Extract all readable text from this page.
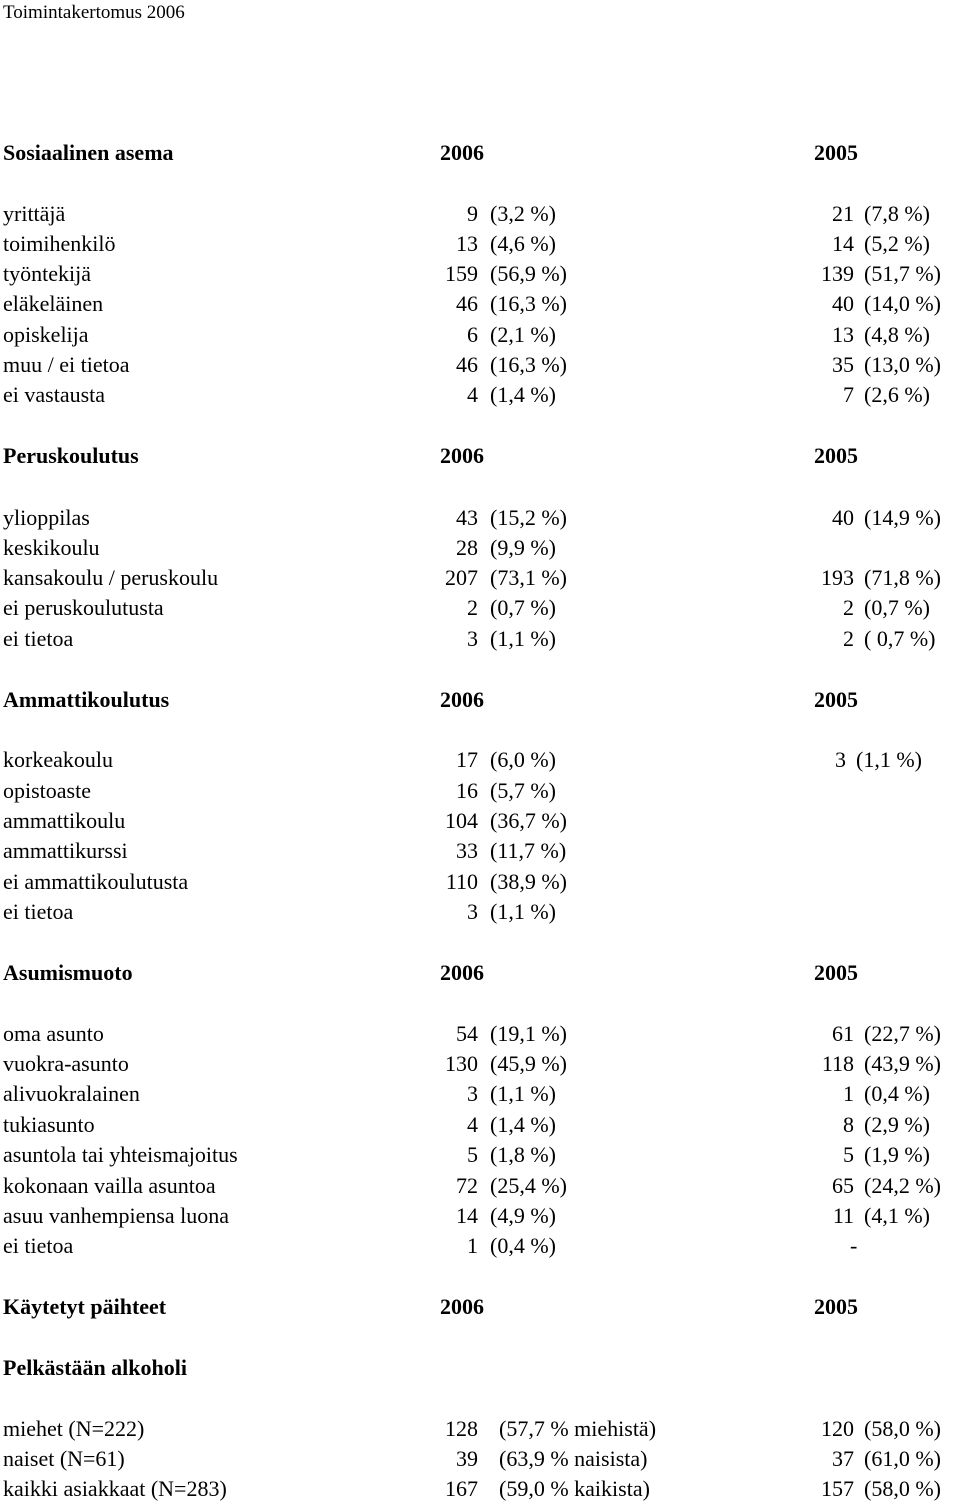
Toimintakertomus 2006
Sosiaalinen asema	2006	2005
yrittäjä	9 (3,2 %)	21 (7,8 %)
toimihenkilö	13 (4,6 %)	14 (5,2 %)
työntekijä	159 (56,9 %)	139 (51,7 %)
eläkeläinen	46 (16,3 %)	40 (14,0 %)
opiskelija	6 (2,1 %)	13 (4,8 %)
muu / ei tietoa	46 (16,3 %)	35 (13,0 %)
ei vastausta	4 (1,4 %)	7 (2,6 %)
Peruskoulutus	2006	2005
ylioppilas	43 (15,2 %)	40 (14,9 %)
keskikoulu	28 (9,9 %)
kansakoulu / peruskoulu	207 (73,1 %)	193 (71,8 %)
ei peruskoulutusta	2 (0,7 %)	2 (0,7 %)
ei tietoa	3 (1,1 %)	2 ( 0,7 %)
Ammattikoulutus	2006	2005
korkeakoulu	17 (6,0 %)	3 (1,1 %)
opistoaste	16 (5,7 %)
ammattikoulu	104 (36,7 %)
ammattikurssi	33 (11,7 %)
ei ammattikoulutusta	110 (38,9 %)
ei tietoa	3 (1,1 %)
Asumismuoto	2006	2005
oma asunto	54 (19,1 %)	61 (22,7 %)
vuokra-asunto	130 (45,9 %)	118 (43,9 %)
alivuokralainen	3 (1,1 %)	1 (0,4 %)
tukiasunto	4 (1,4 %)	8 (2,9 %)
asuntola tai yhteismajoitus	5 (1,8 %)	5 (1,9 %)
kokonaan vailla asuntoa	72 (25,4 %)	65 (24,2 %)
asuu vanhempiensa luona	14 (4,9 %)	11 (4,1 %)
ei tietoa	1 (0,4 %)	-
Käytetyt päihteet	2006	2005
Pelkästään alkoholi
miehet (N=222)	128 (57,7 % miehistä)	120 (58,0 %)
naiset (N=61)	39 (63,9 % naisista)	37 (61,0 %)
kaikki asiakkaat (N=283)	167 (59,0 % kaikista)	157 (58,0 %)
